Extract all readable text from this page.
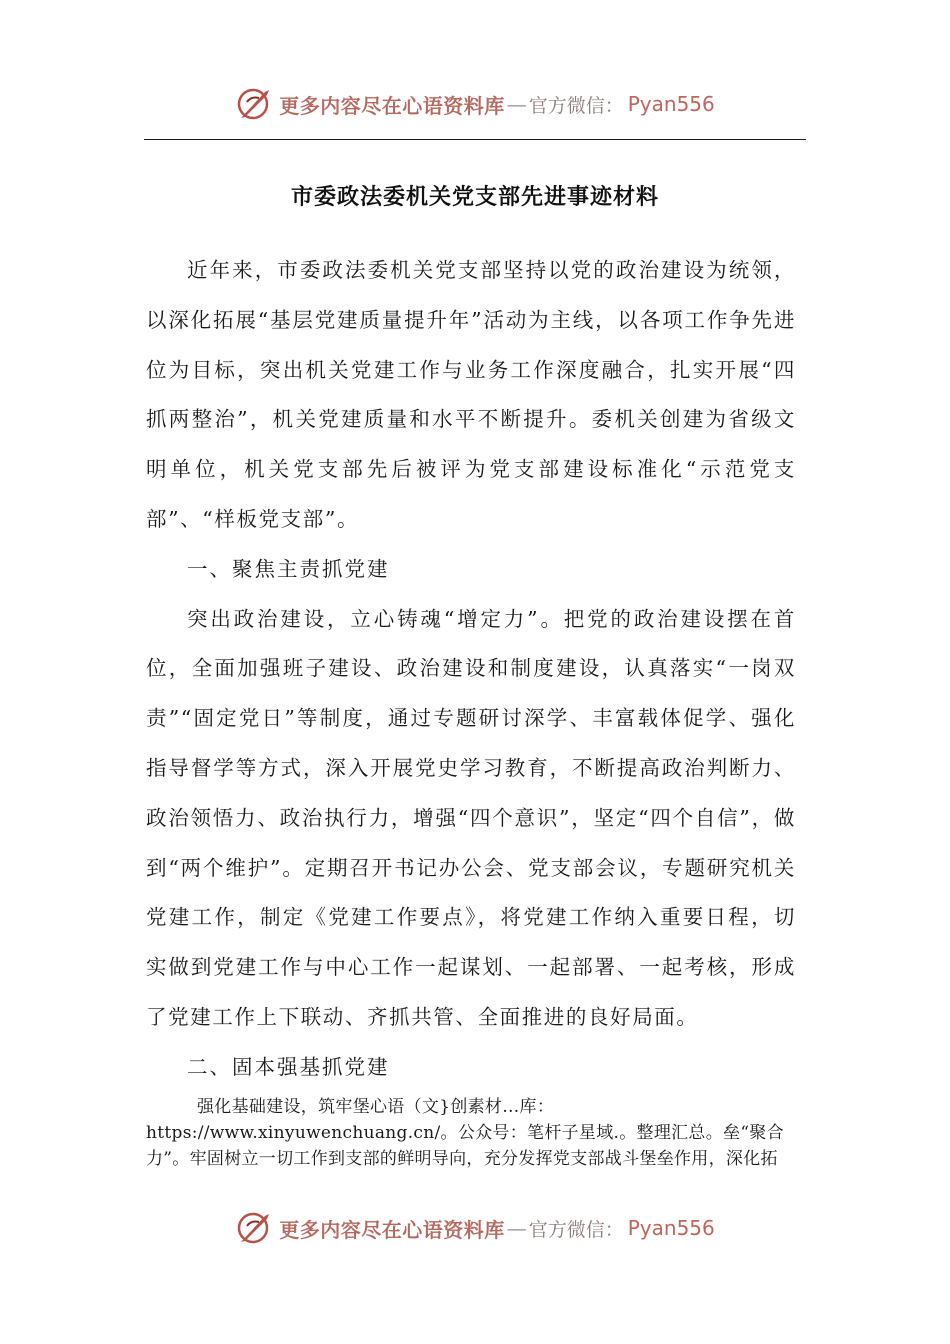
更多内容尽在心语资料库 — 官方微信： Pyan556
市委政法委机关党支部先进事迹材料

近年来，市委政法委机关党支部坚持以党的政治建设为统领，以深化拓展“基层党建质量提升年”活动为主线，以各项工作争先进位为目标，突出机关党建工作与业务工作深度融合，扎实开展“四抓两整治”，机关党建质量和水平不断提升。委机关创建为省级文明单位，机关党支部先后被评为党支部建设标准化“示范党支部”、“样板党支部”。

一、聚焦主责抓党建

突出政治建设，立心铸魂“增定力”。把党的政治建设摆在首位，全面加强班子建设、政治建设和制度建设，认真落实“一岗双责”“固定党日”等制度，通过专题研讨深学、丰富载体促学、强化指导督学等方式，深入开展党史学习教育，不断提高政治判断力、政治领悟力、政治执行力，增强“四个意识”，坚定“四个自信”，做到“两个维护”。定期召开书记办公会、党支部会议，专题研究机关党建工作，制定《党建工作要点》，将党建工作纳入重要日程，切实做到党建工作与中心工作一起谋划、一起部署、一起考核，形成了党建工作上下联动、齐抓共管、全面推进的良好局面。

二、固本强基抓党建

强化基础建设，筑牢堡心语（文}创素材…库：https://www.xinyuwenchuang.cn/。公众号：笔杆子星域.。整理汇总。垒“聚合力”。牢固树立一切工作到支部的鲜明导向，充分发挥党支部战斗堡垒作用，深化拓

更多内容尽在心语资料库 — 官方微信： Pyan556
